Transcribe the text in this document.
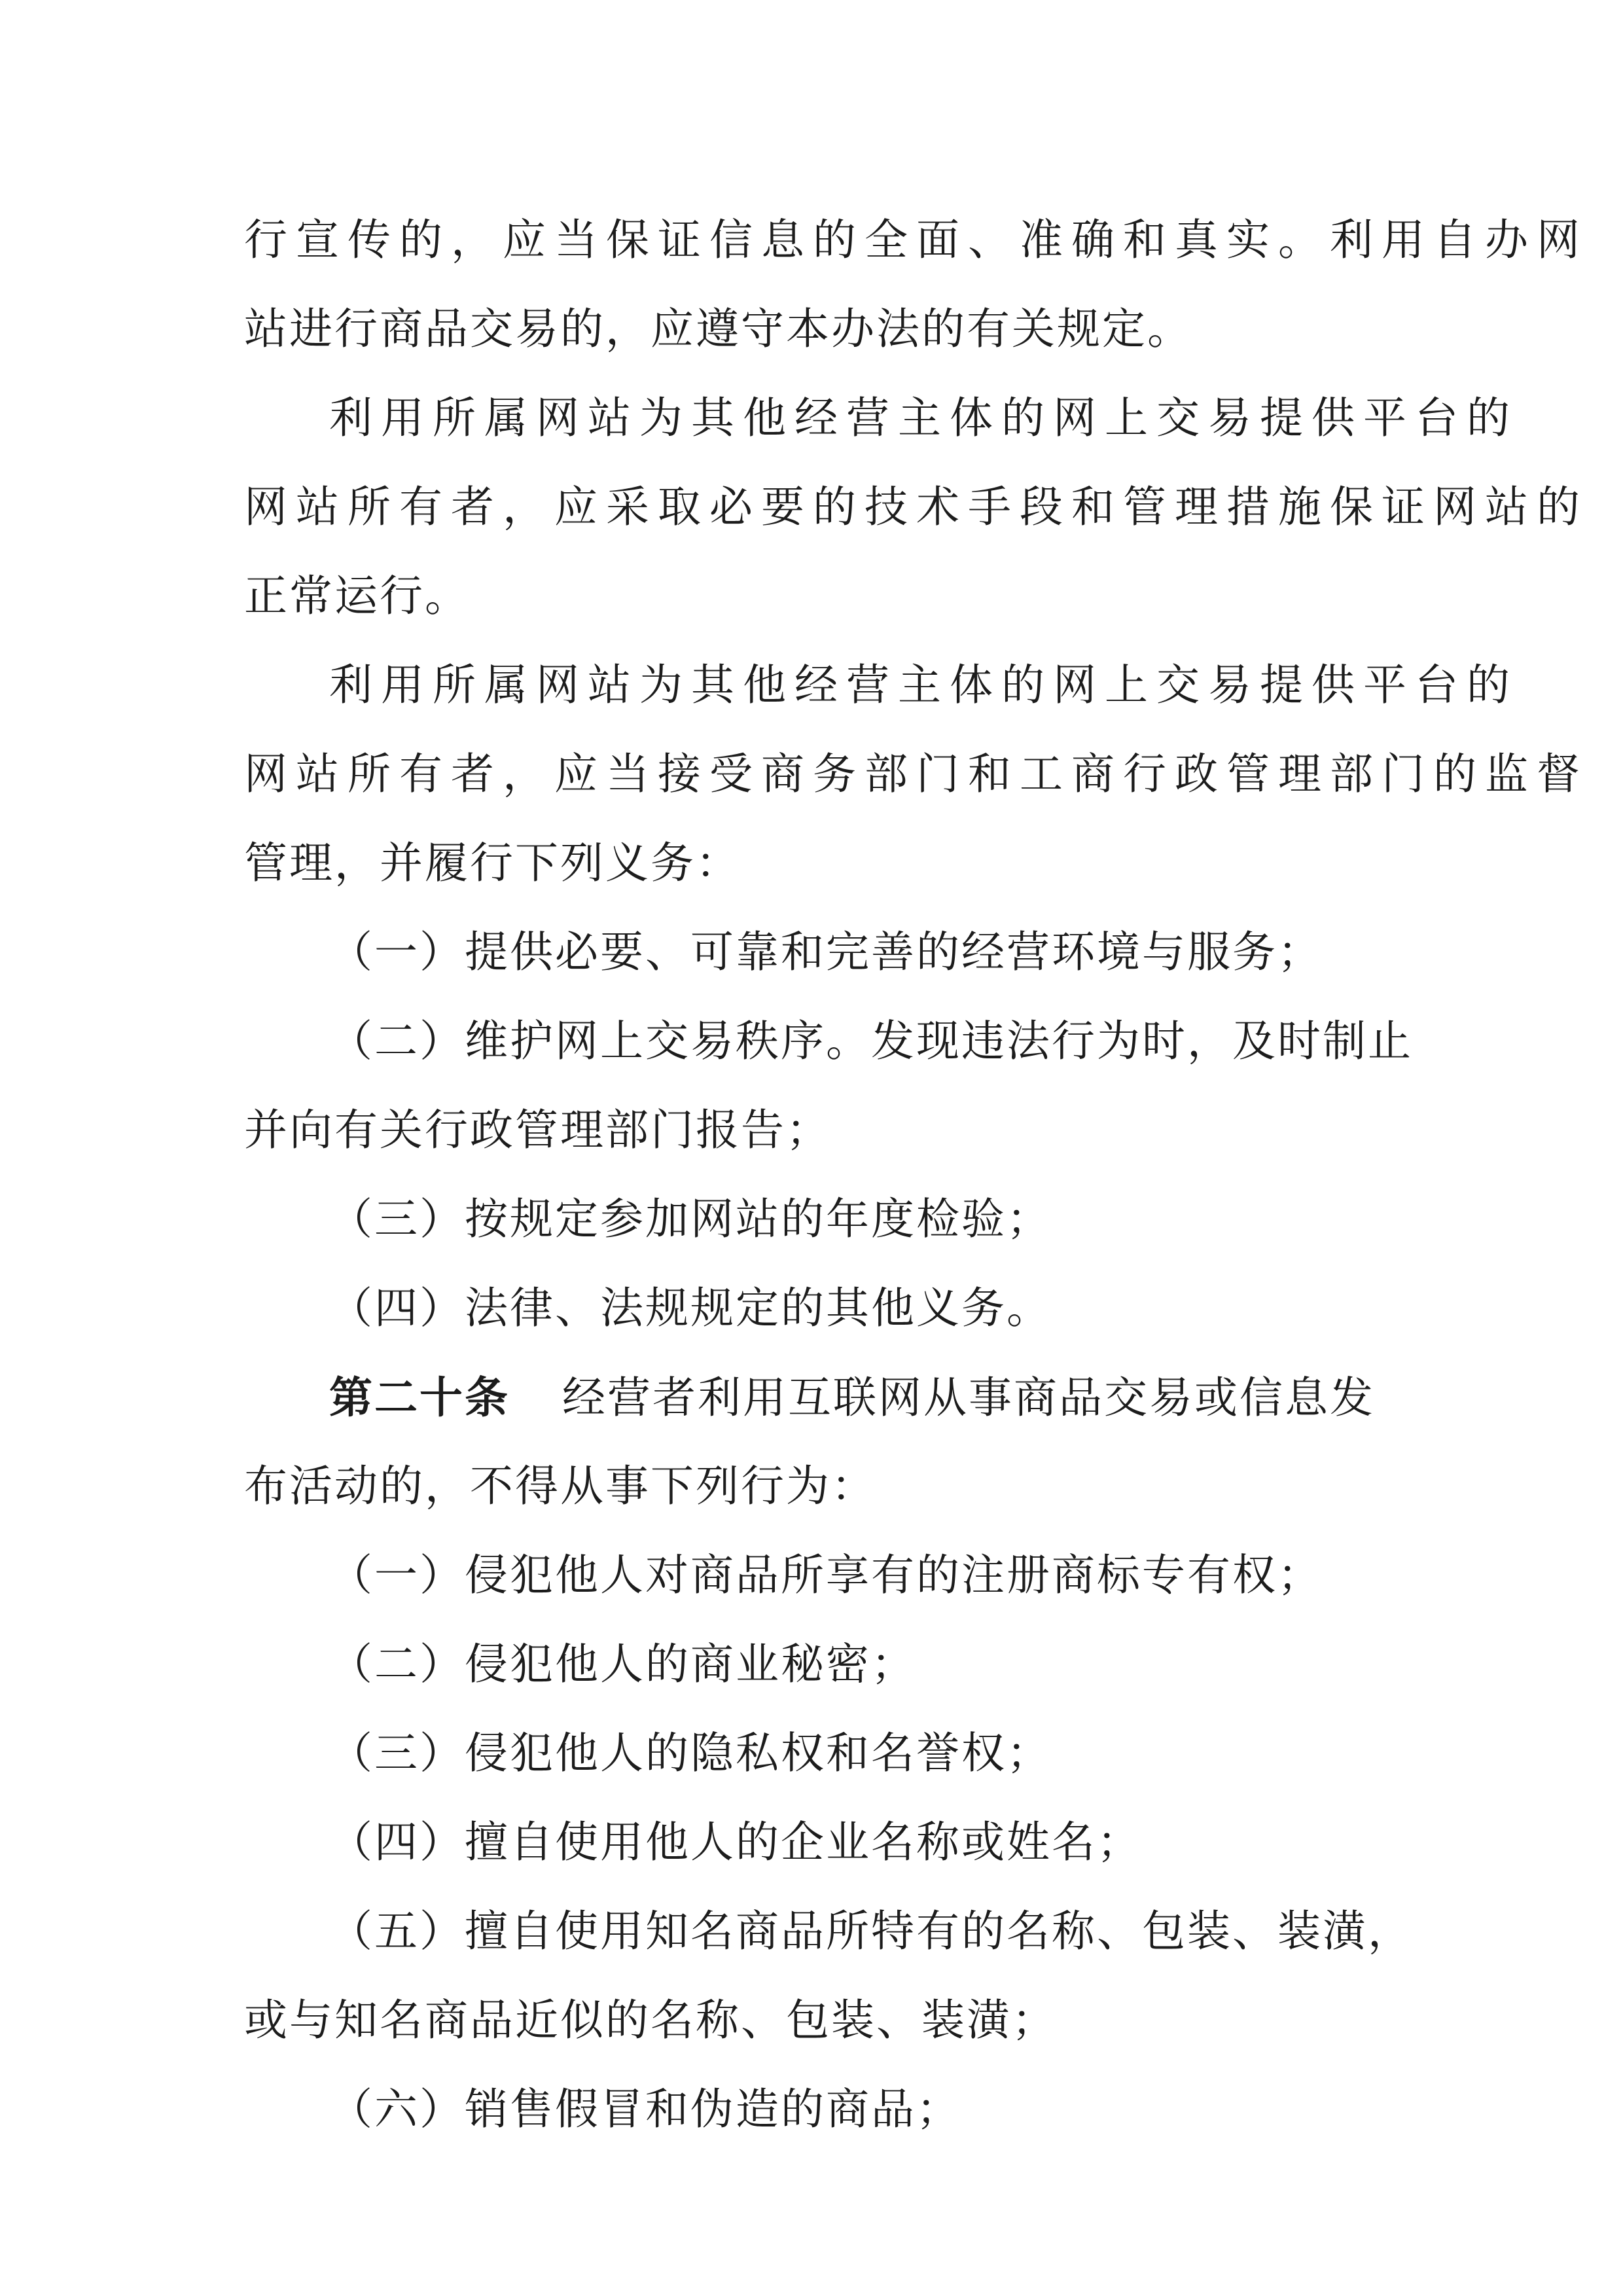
行宣传的，应当保证信息的全面、准确和真实。利用自办网
站进行商品交易的，应遵守本办法的有关规定。
利用所属网站为其他经营主体的网上交易提供平台的
网站所有者，应采取必要的技术手段和管理措施保证网站的
正常运行。
利用所属网站为其他经营主体的网上交易提供平台的
网站所有者，应当接受商务部门和工商行政管理部门的监督
管理，并履行下列义务：
（一）提供必要、可靠和完善的经营环境与服务；
（二）维护网上交易秩序。发现违法行为时，及时制止
并向有关行政管理部门报告；
（三）按规定参加网站的年度检验；
（四）法律、法规规定的其他义务。
第二十条 经营者利用互联网从事商品交易或信息发
布活动的，不得从事下列行为：
（一）侵犯他人对商品所享有的注册商标专有权；
（二）侵犯他人的商业秘密；
（三）侵犯他人的隐私权和名誉权；
（四）擅自使用他人的企业名称或姓名；
（五）擅自使用知名商品所特有的名称、包装、装潢，
或与知名商品近似的名称、包装、装潢；
（六）销售假冒和伪造的商品；
